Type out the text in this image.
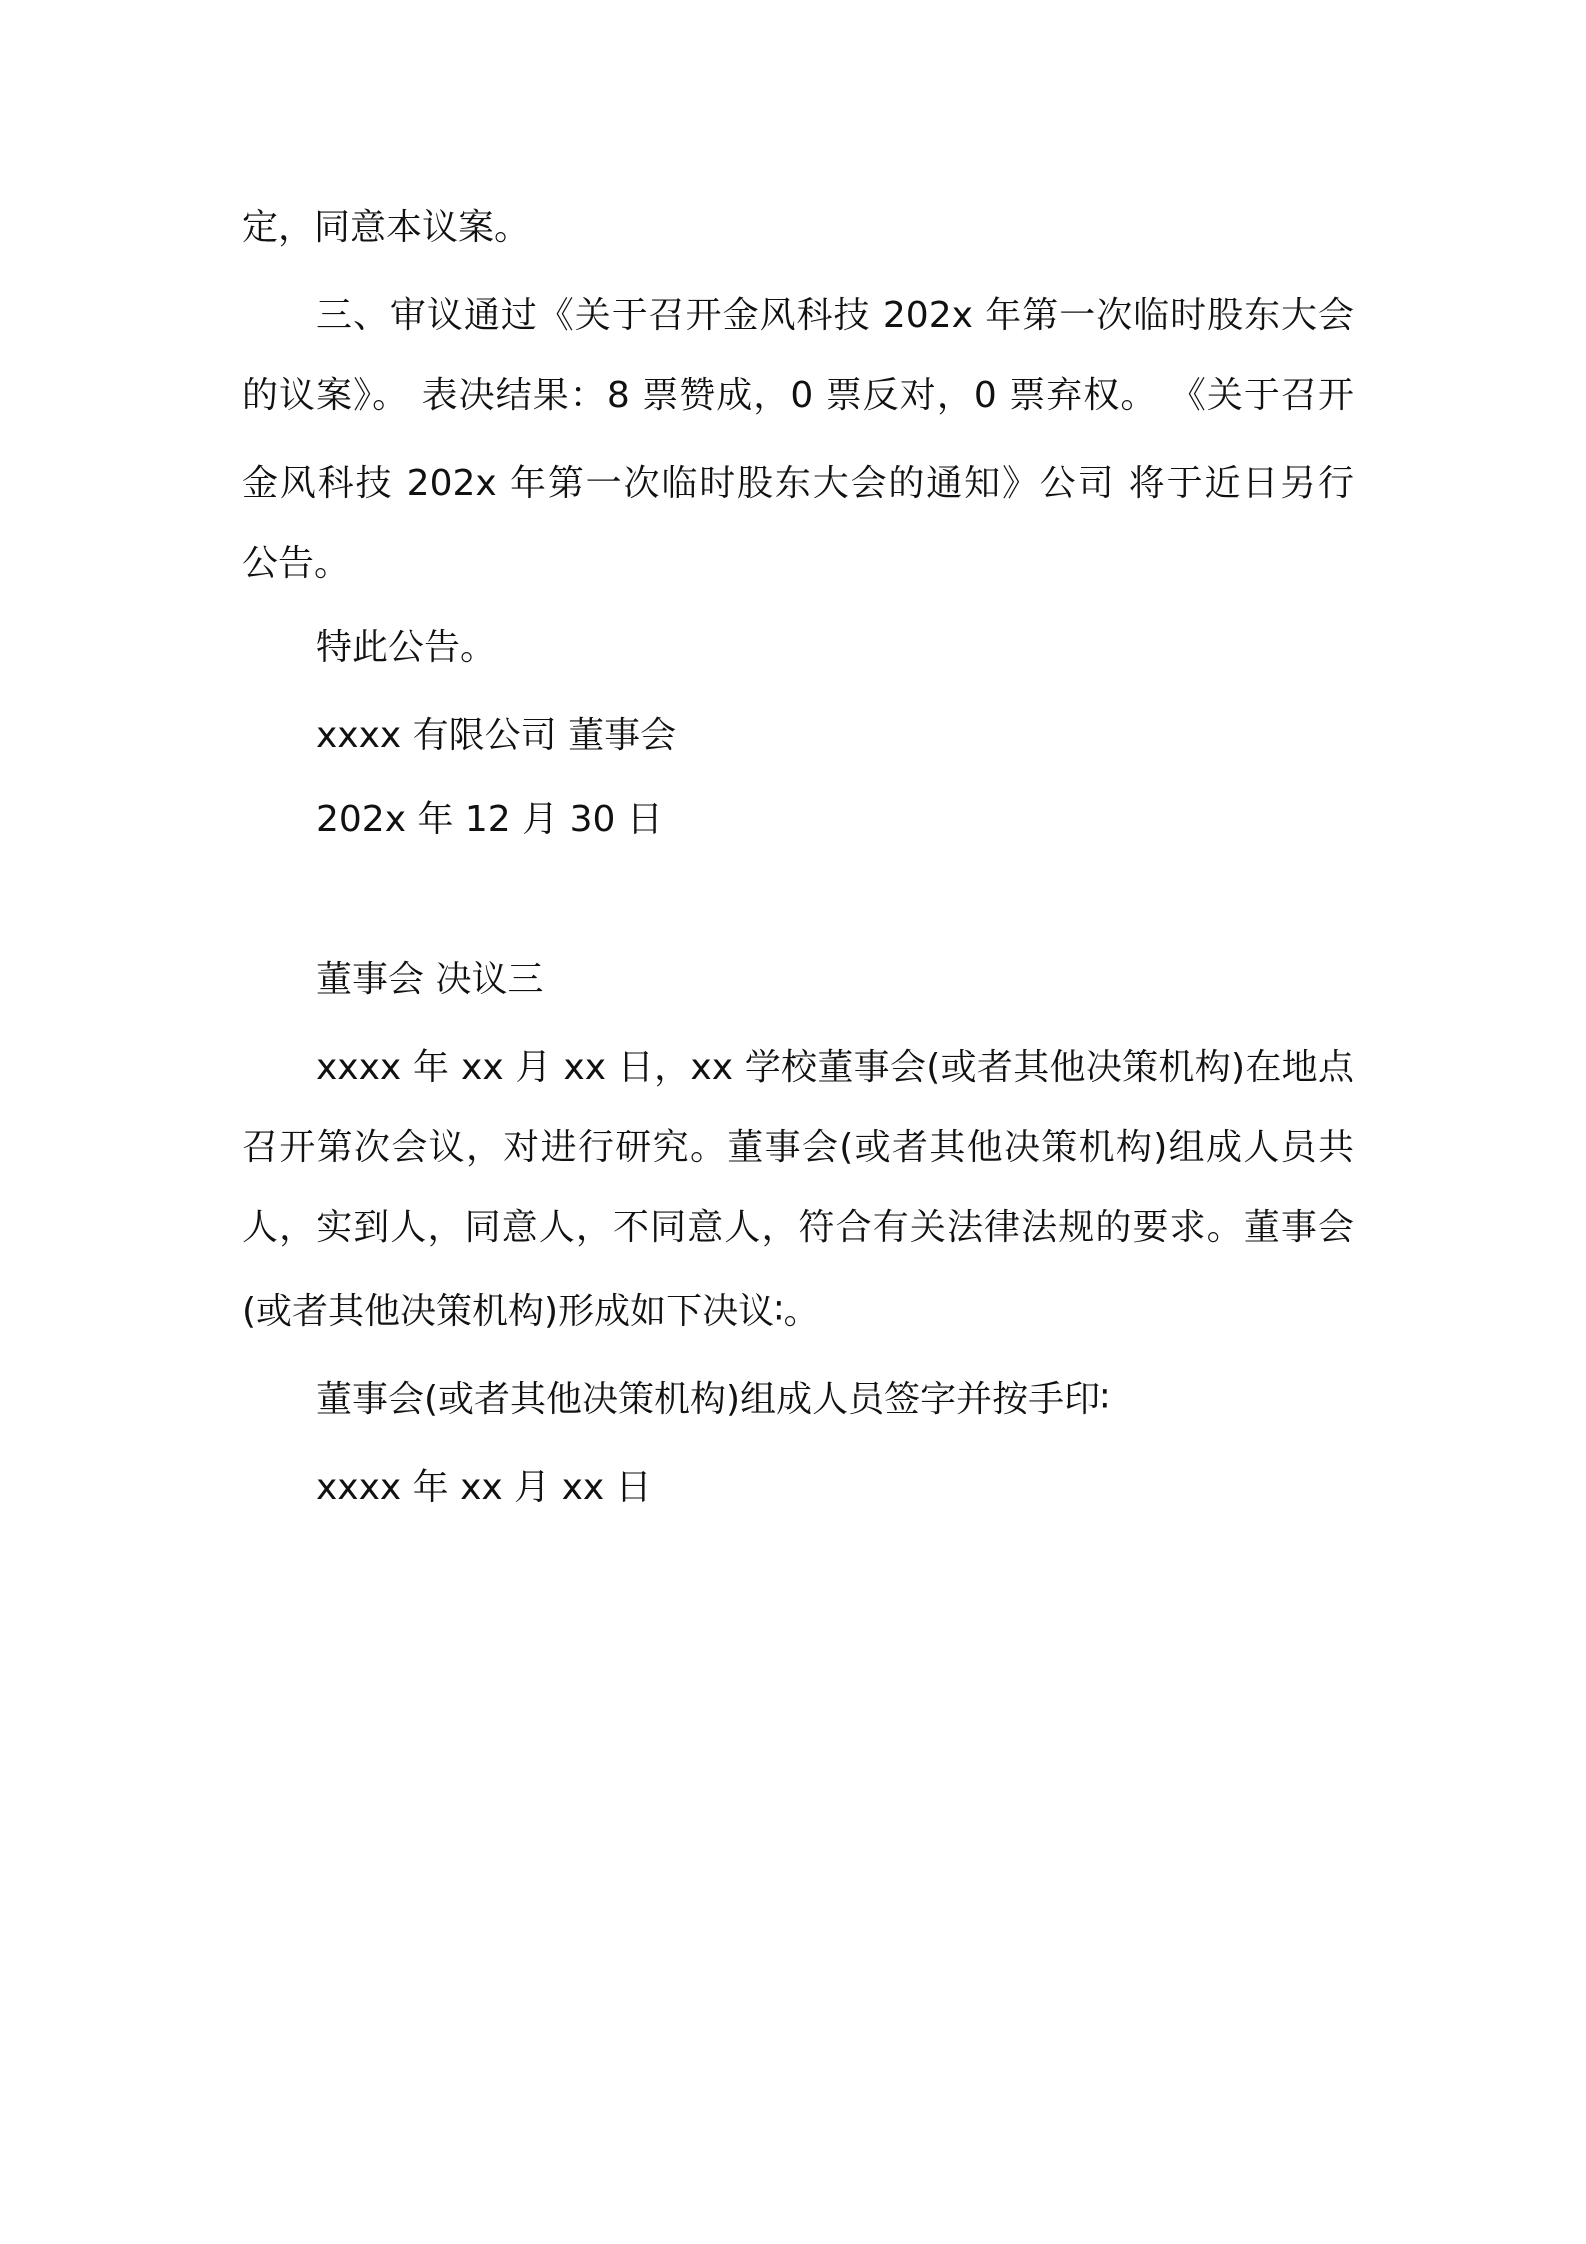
定，同意本议案。
三、审议通过《关于召开金风科技 202x 年第一次临时股东大会
的议案》。 表决结果：8 票赞成，0 票反对，0 票弃权。 《关于召开
金风科技 202x 年第一次临时股东大会的通知》公司 将于近日另行
公告。
特此公告。
xxxx 有限公司 董事会
202x 年 12 月 30 日
董事会 决议三
xxxx 年 xx 月 xx 日，xx 学校董事会(或者其他决策机构)在地点
召开第次会议，对进行研究。董事会(或者其他决策机构)组成人员共
人，实到人，同意人，不同意人，符合有关法律法规的要求。董事会
(或者其他决策机构)形成如下决议∶。
董事会(或者其他决策机构)组成人员签字并按手印∶
xxxx 年 xx 月 xx 日
